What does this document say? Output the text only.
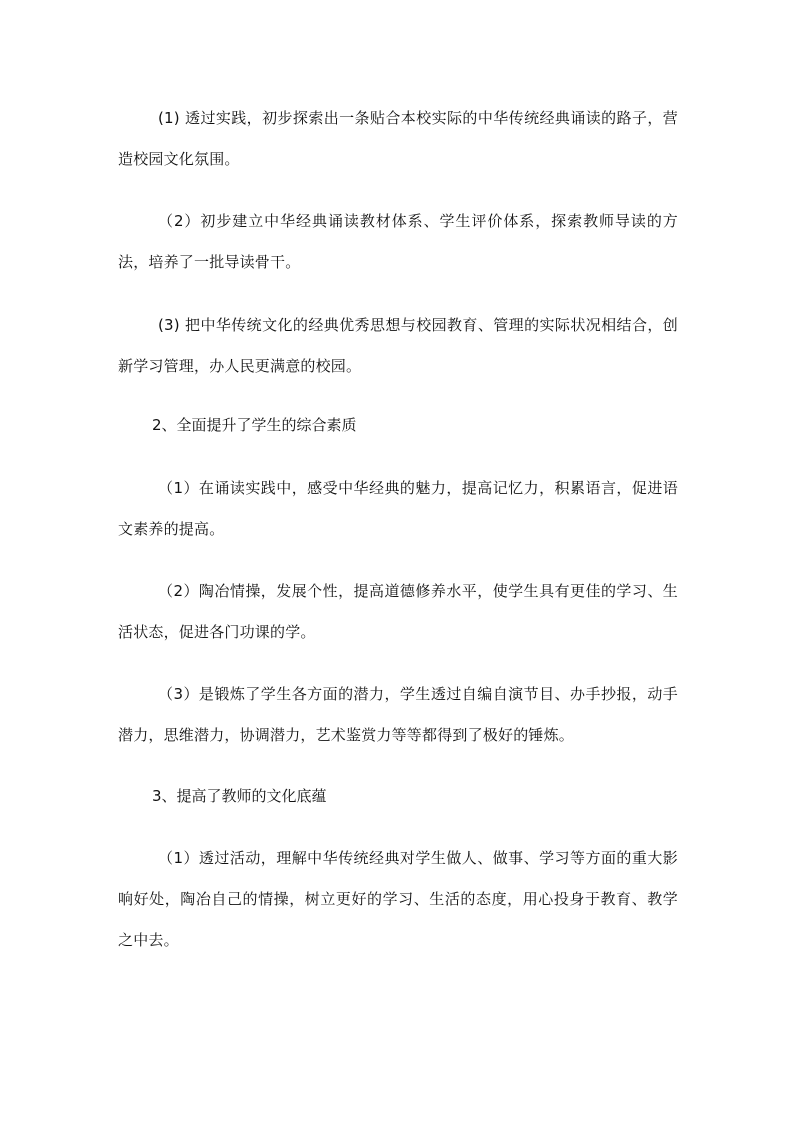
(1) 透过实践，初步探索出一条贴合本校实际的中华传统经典诵读的路子，营造校园文化氛围。

（2）初步建立中华经典诵读教材体系、学生评价体系，探索教师导读的方法，培养了一批导读骨干。

(3) 把中华传统文化的经典优秀思想与校园教育、管理的实际状况相结合，创新学习管理，办人民更满意的校园。

2、全面提升了学生的综合素质

（1）在诵读实践中，感受中华经典的魅力，提高记忆力，积累语言，促进语文素养的提高。

（2）陶冶情操，发展个性，提高道德修养水平，使学生具有更佳的学习、生活状态，促进各门功课的学。

（3）是锻炼了学生各方面的潜力，学生透过自编自演节目、办手抄报，动手潜力，思维潜力，协调潜力，艺术鉴赏力等等都得到了极好的锤炼。

3、提高了教师的文化底蕴

（1）透过活动，理解中华传统经典对学生做人、做事、学习等方面的重大影响好处，陶冶自己的情操，树立更好的学习、生活的态度，用心投身于教育、教学之中去。
